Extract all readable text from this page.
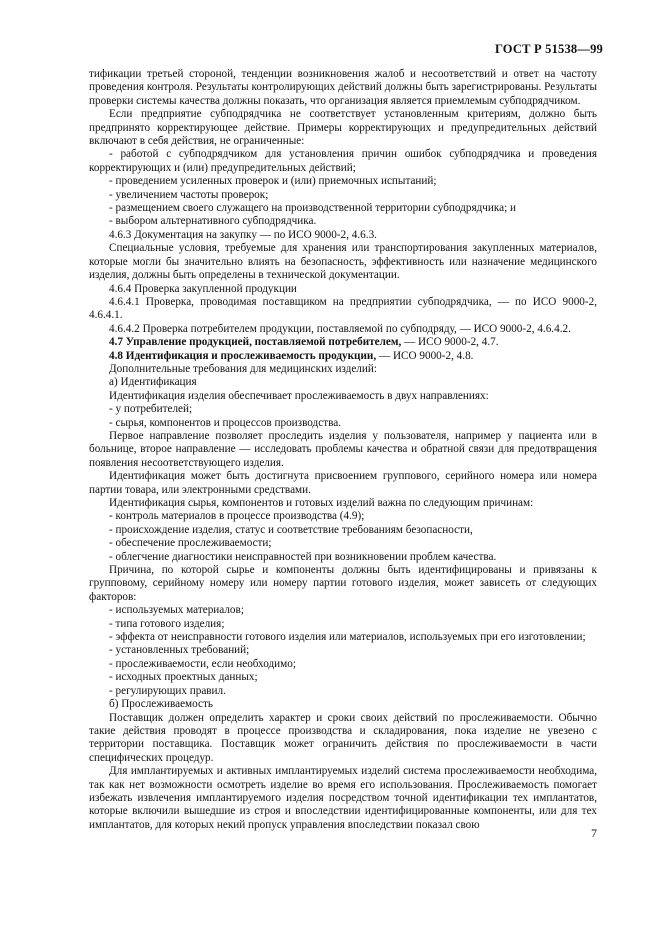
ГОСТ Р 51538—99

тификации третьей стороной, тенденции возникновения жалоб и несоответствий и ответ на частоту проведения контроля. Результаты контролирующих действий должны быть зарегистрированы. Результаты проверки системы качества должны показать, что организация является приемлемым субподрядчиком.

Если предприятие субподрядчика не соответствует установленным критериям, должно быть предпринято корректирующее действие. Примеры корректирующих и предупредительных действий включают в себя действия, не ограниченные:

- работой с субподрядчиком для установления причин ошибок субподрядчика и проведения корректирующих и (или) предупредительных действий;

- проведением усиленных проверок и (или) приемочных испытаний;

- увеличением частоты проверок;

- размещением своего служащего на производственной территории субподрядчика; и

- выбором альтернативного субподрядчика.

4.6.3 Документация на закупку — по ИСО 9000-2, 4.6.3.

Специальные условия, требуемые для хранения или транспортирования закупленных материалов, которые могли бы значительно влиять на безопасность, эффективность или назначение медицинского изделия, должны быть определены в технической документации.

4.6.4 Проверка закупленной продукции

4.6.4.1 Проверка, проводимая поставщиком на предприятии субподрядчика, — по ИСО 9000-2, 4.6.4.1.

4.6.4.2 Проверка потребителем продукции, поставляемой по субподряду, — ИСО 9000-2, 4.6.4.2.

4.7 Управление продукцией, поставляемой потребителем, — ИСО 9000-2, 4.7.

4.8 Идентификация и прослеживаемость продукции, — ИСО 9000-2, 4.8.

Дополнительные требования для медицинских изделий:

а) Идентификация

Идентификация изделия обеспечивает прослеживаемость в двух направлениях:

- у потребителей;

- сырья, компонентов и процессов производства.

Первое направление позволяет проследить изделия у пользователя, например у пациента или в больнице, второе направление — исследовать проблемы качества и обратной связи для предотвращения появления несоответствующего изделия.

Идентификация может быть достигнута присвоением группового, серийного номера или номера партии товара, или электронными средствами.

Идентификация сырья, компонентов и готовых изделий важна по следующим причинам:

- контроль материалов в процессе производства (4.9);

- происхождение изделия, статус и соответствие требованиям безопасности,

- обеспечение прослеживаемости;

- облегчение диагностики неисправностей при возникновении проблем качества.

Причина, по которой сырье и компоненты должны быть идентифицированы и привязаны к групповому, серийному номеру или номеру партии готового изделия, может зависеть от следующих факторов:

- используемых материалов;

- типа готового изделия;

- эффекта от неисправности готового изделия или материалов, используемых при его изготовлении;

- установленных требований;

- прослеживаемости, если необходимо;

- исходных проектных данных;

- регулирующих правил.

б) Прослеживаемость

Поставщик должен определить характер и сроки своих действий по прослеживаемости. Обычно такие действия проводят в процессе производства и складирования, пока изделие не увезено с территории поставщика. Поставщик может ограничить действия по прослеживаемости в части специфических процедур.

Для имплантируемых и активных имплантируемых изделий система прослеживаемости необходима, так как нет возможности осмотреть изделие во время его использования. Прослеживаемость помогает избежать извлечения имплантируемого изделия посредством точной идентификации тех имплантатов, которые включили вышедшие из строя и впоследствии идентифицированные компоненты, или для тех имплантатов, для которых некий пропуск управления впоследствии показал свою

7
